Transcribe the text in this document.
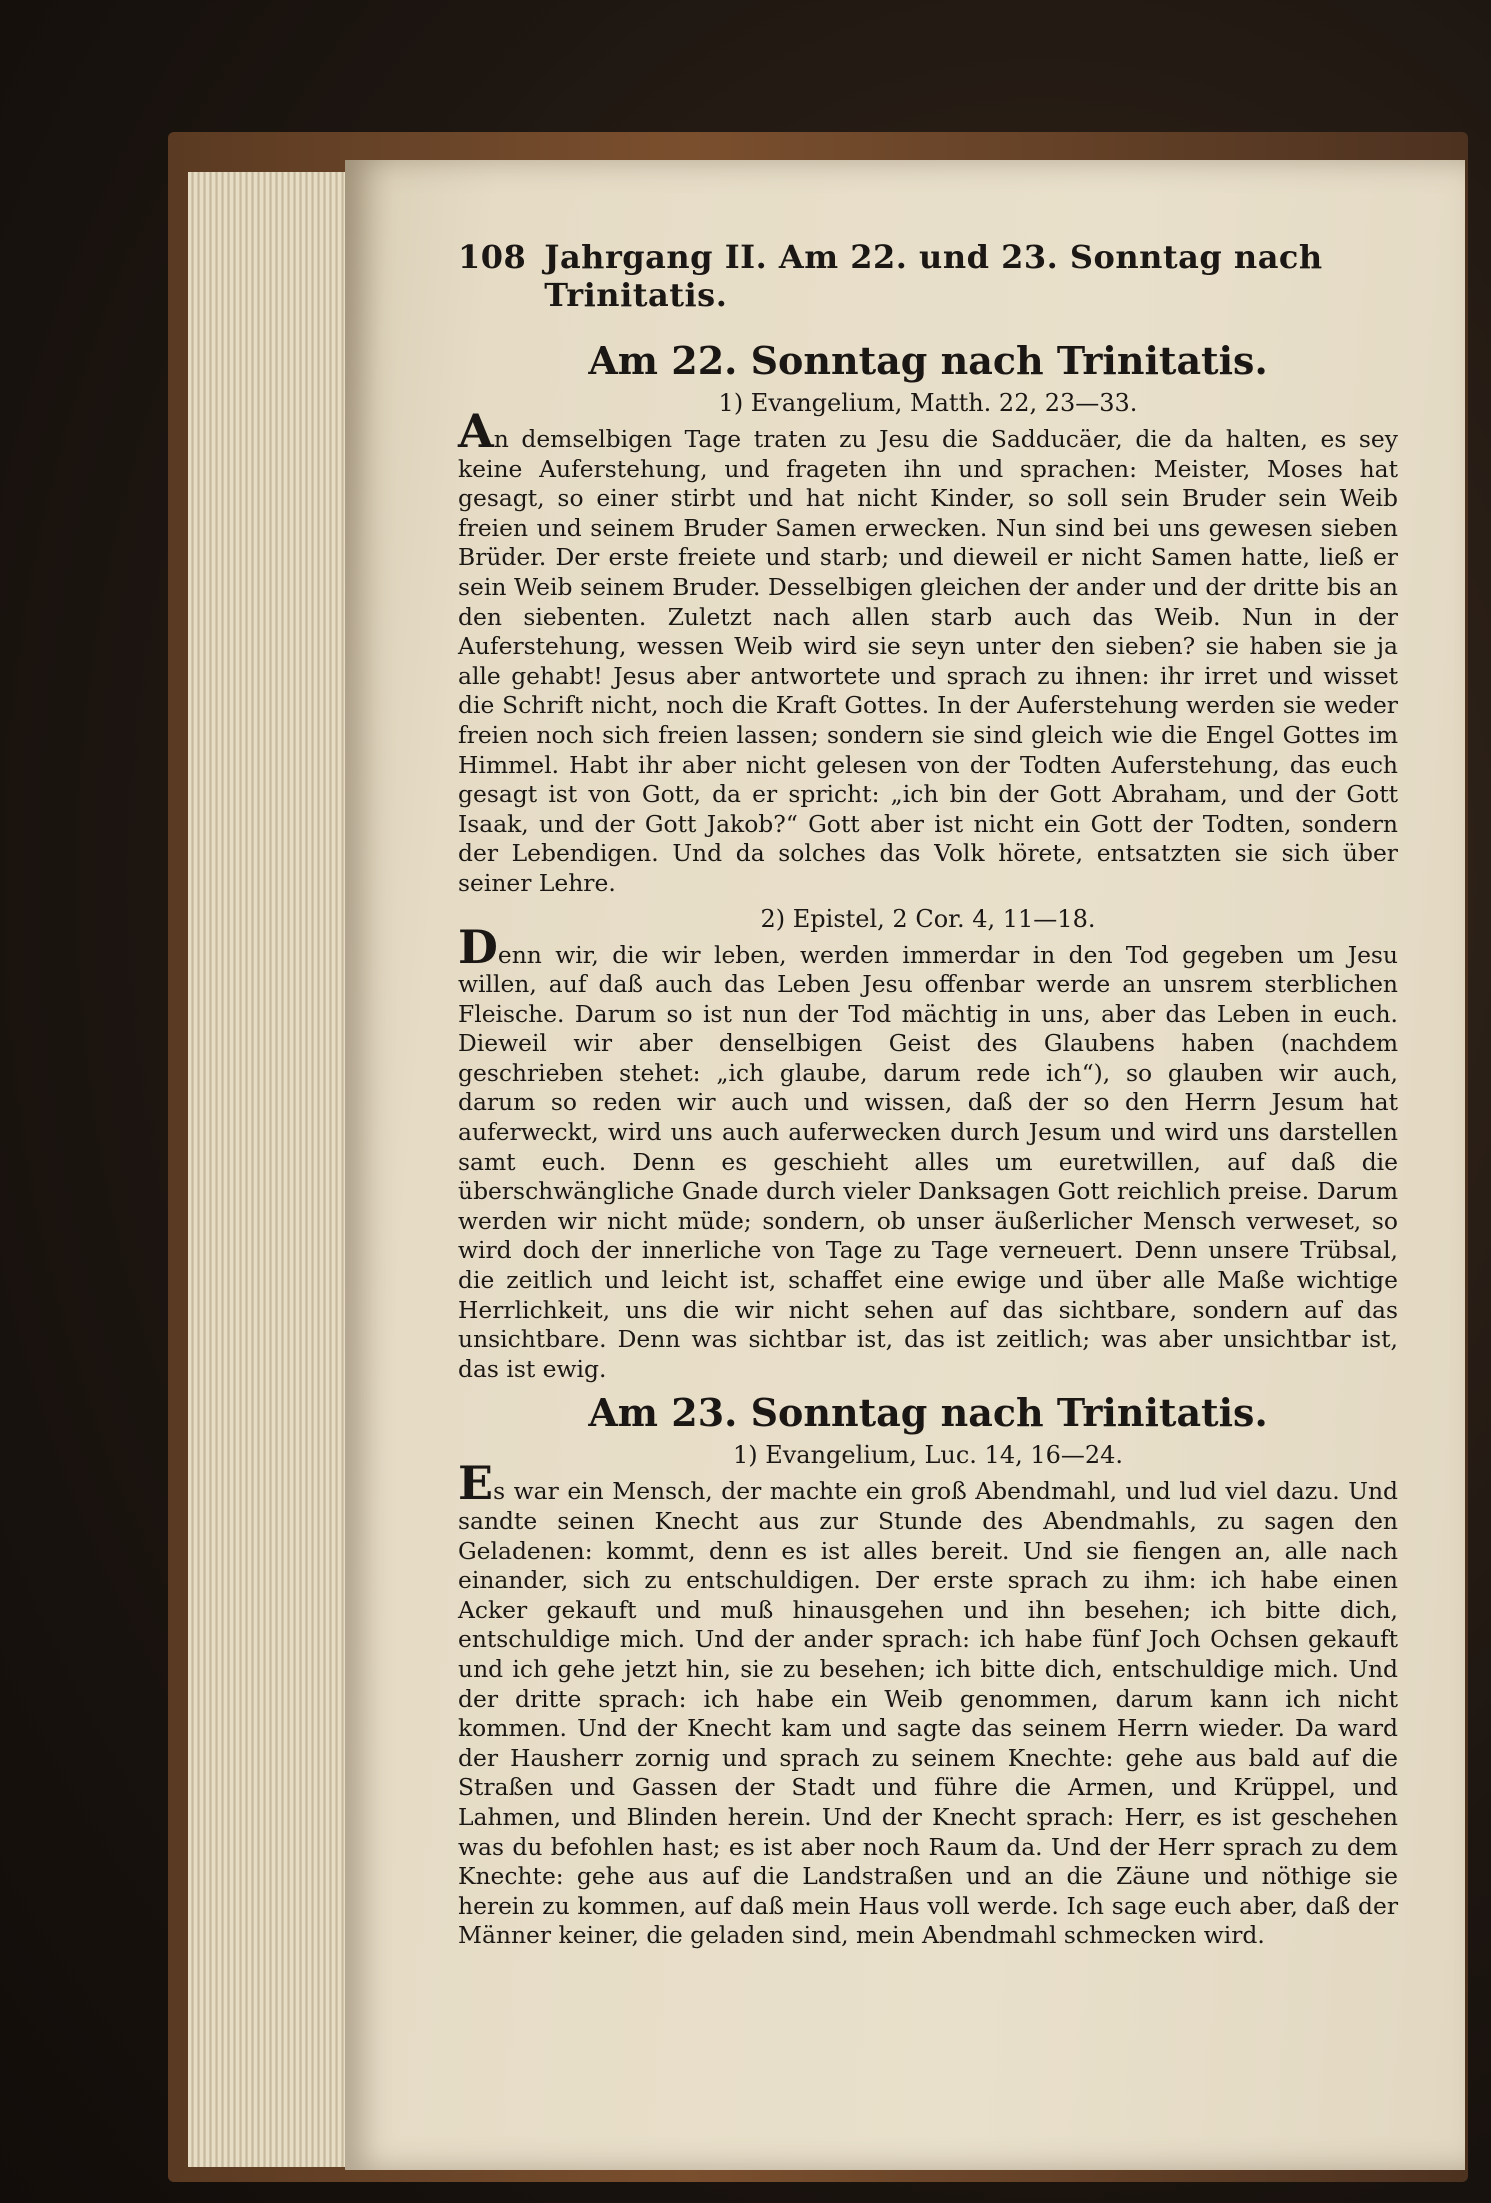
108 Jahrgang II. Am 22. und 23. Sonntag nach Trinitatis.
Am 22. Sonntag nach Trinitatis.
1) Evangelium, Matth. 22, 23—33.

An demselbigen Tage traten zu Jesu die Sadducäer, die da halten, es sey keine Auferstehung, und frageten ihn und sprachen: Meister, Moses hat gesagt, so einer stirbt und hat nicht Kinder, so soll sein Bruder sein Weib freien und seinem Bruder Samen erwecken. Nun sind bei uns gewesen sieben Brüder. Der erste freiete und starb; und dieweil er nicht Samen hatte, ließ er sein Weib seinem Bruder. Desselbigen gleichen der ander und der dritte bis an den siebenten. Zuletzt nach allen starb auch das Weib. Nun in der Auferstehung, wessen Weib wird sie seyn unter den sieben? sie haben sie ja alle gehabt! Jesus aber antwortete und sprach zu ihnen: ihr irret und wisset die Schrift nicht, noch die Kraft Gottes. In der Auferstehung werden sie weder freien noch sich freien lassen; sondern sie sind gleich wie die Engel Gottes im Himmel. Habt ihr aber nicht gelesen von der Todten Auferstehung, das euch gesagt ist von Gott, da er spricht: „ich bin der Gott Abraham, und der Gott Isaak, und der Gott Jakob?“ Gott aber ist nicht ein Gott der Todten, sondern der Lebendigen. Und da solches das Volk hörete, entsatzten sie sich über seiner Lehre.

2) Epistel, 2 Cor. 4, 11—18.

Denn wir, die wir leben, werden immerdar in den Tod gegeben um Jesu willen, auf daß auch das Leben Jesu offenbar werde an unsrem sterblichen Fleische. Darum so ist nun der Tod mächtig in uns, aber das Leben in euch. Dieweil wir aber denselbigen Geist des Glaubens haben (nachdem geschrieben stehet: „ich glaube, darum rede ich“), so glauben wir auch, darum so reden wir auch und wissen, daß der so den Herrn Jesum hat auferweckt, wird uns auch auferwecken durch Jesum und wird uns darstellen samt euch. Denn es geschieht alles um euretwillen, auf daß die überschwängliche Gnade durch vieler Danksagen Gott reichlich preise. Darum werden wir nicht müde; sondern, ob unser äußerlicher Mensch verweset, so wird doch der innerliche von Tage zu Tage verneuert. Denn unsere Trübsal, die zeitlich und leicht ist, schaffet eine ewige und über alle Maße wichtige Herrlichkeit, uns die wir nicht sehen auf das sichtbare, sondern auf das unsichtbare. Denn was sichtbar ist, das ist zeitlich; was aber unsichtbar ist, das ist ewig.

Am 23. Sonntag nach Trinitatis.
1) Evangelium, Luc. 14, 16—24.

Es war ein Mensch, der machte ein groß Abendmahl, und lud viel dazu. Und sandte seinen Knecht aus zur Stunde des Abendmahls, zu sagen den Geladenen: kommt, denn es ist alles bereit. Und sie fiengen an, alle nach einander, sich zu entschuldigen. Der erste sprach zu ihm: ich habe einen Acker gekauft und muß hinausgehen und ihn besehen; ich bitte dich, entschuldige mich. Und der ander sprach: ich habe fünf Joch Ochsen gekauft und ich gehe jetzt hin, sie zu besehen; ich bitte dich, entschuldige mich. Und der dritte sprach: ich habe ein Weib genommen, darum kann ich nicht kommen. Und der Knecht kam und sagte das seinem Herrn wieder. Da ward der Hausherr zornig und sprach zu seinem Knechte: gehe aus bald auf die Straßen und Gassen der Stadt und führe die Armen, und Krüppel, und Lahmen, und Blinden herein. Und der Knecht sprach: Herr, es ist geschehen was du befohlen hast; es ist aber noch Raum da. Und der Herr sprach zu dem Knechte: gehe aus auf die Landstraßen und an die Zäune und nöthige sie herein zu kommen, auf daß mein Haus voll werde. Ich sage euch aber, daß der Männer keiner, die geladen sind, mein Abendmahl schmecken wird.
